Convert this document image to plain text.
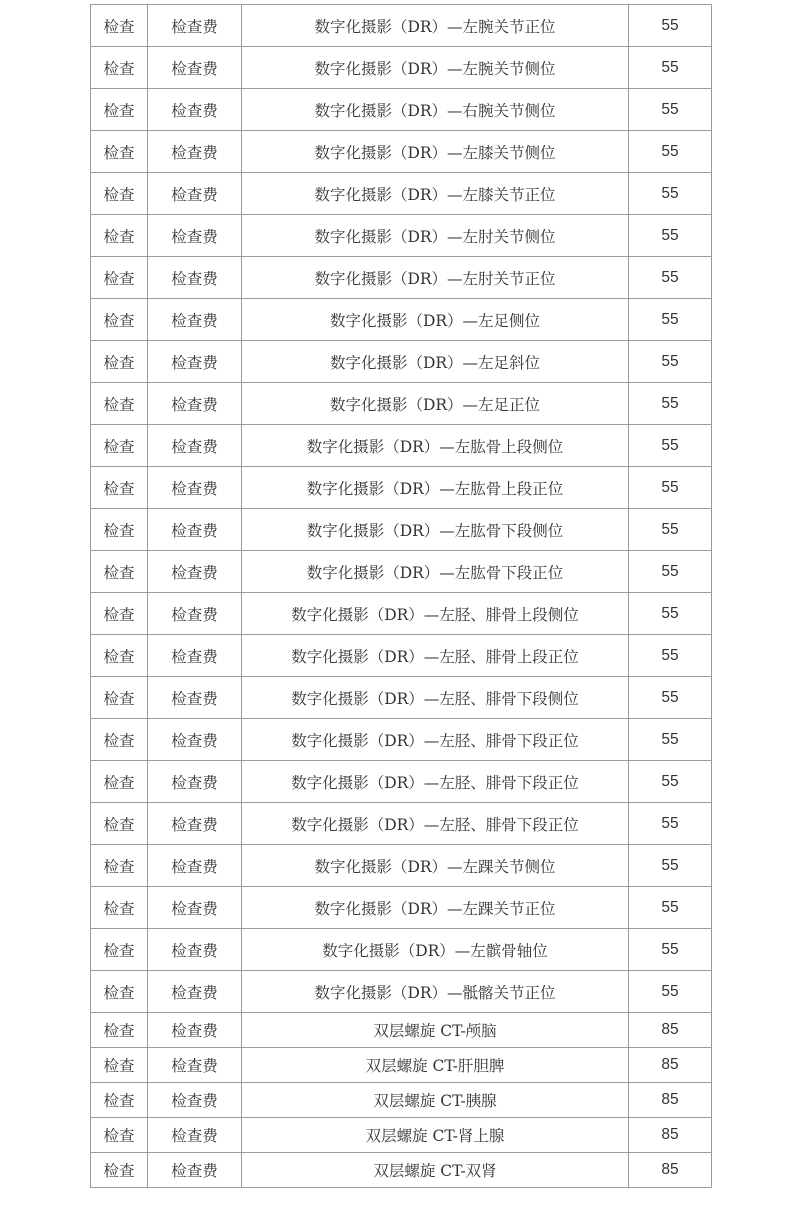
检查	检查费	数字化摄影（DR）—左腕关节正位	55
检查	检查费	数字化摄影（DR）—左腕关节侧位	55
检查	检查费	数字化摄影（DR）—右腕关节侧位	55
检查	检查费	数字化摄影（DR）—左膝关节侧位	55
检查	检查费	数字化摄影（DR）—左膝关节正位	55
检查	检查费	数字化摄影（DR）—左肘关节侧位	55
检查	检查费	数字化摄影（DR）—左肘关节正位	55
检查	检查费	数字化摄影（DR）—左足侧位	55
检查	检查费	数字化摄影（DR）—左足斜位	55
检查	检查费	数字化摄影（DR）—左足正位	55
检查	检查费	数字化摄影（DR）—左肱骨上段侧位	55
检查	检查费	数字化摄影（DR）—左肱骨上段正位	55
检查	检查费	数字化摄影（DR）—左肱骨下段侧位	55
检查	检查费	数字化摄影（DR）—左肱骨下段正位	55
检查	检查费	数字化摄影（DR）—左胫、腓骨上段侧位	55
检查	检查费	数字化摄影（DR）—左胫、腓骨上段正位	55
检查	检查费	数字化摄影（DR）—左胫、腓骨下段侧位	55
检查	检查费	数字化摄影（DR）—左胫、腓骨下段正位	55
检查	检查费	数字化摄影（DR）—左胫、腓骨下段正位	55
检查	检查费	数字化摄影（DR）—左胫、腓骨下段正位	55
检查	检查费	数字化摄影（DR）—左踝关节侧位	55
检查	检查费	数字化摄影（DR）—左踝关节正位	55
检查	检查费	数字化摄影（DR）—左髌骨轴位	55
检查	检查费	数字化摄影（DR）—骶髂关节正位	55
检查	检查费	双层螺旋 CT-颅脑	85
检查	检查费	双层螺旋 CT-肝胆脾	85
检查	检查费	双层螺旋 CT-胰腺	85
检查	检查费	双层螺旋 CT-肾上腺	85
检查	检查费	双层螺旋 CT-双肾	85
